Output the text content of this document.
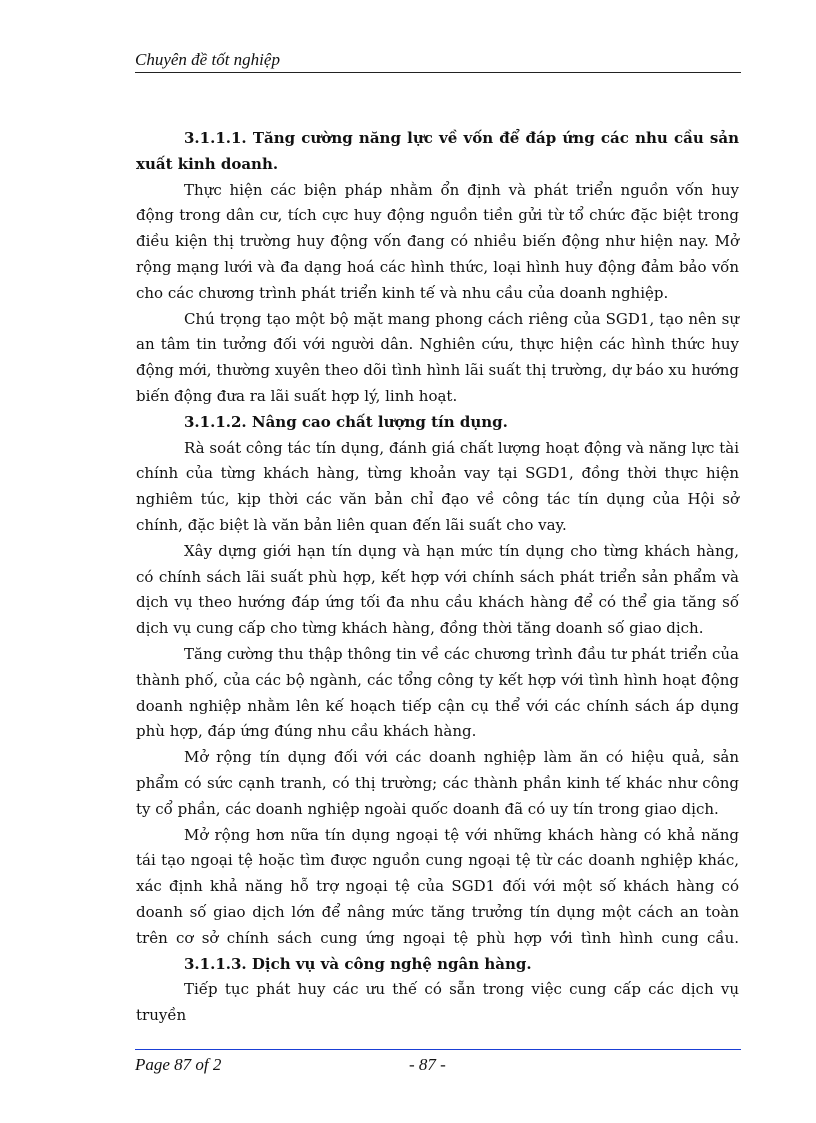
Chuyên đề tốt nghiệp

3.1.1.1. Tăng cường năng lực về vốn để đáp ứng các nhu cầu sản xuất kinh doanh.

Thực hiện các biện pháp nhằm ổn định và phát triển nguồn vốn huy động trong dân cư, tích cực huy động nguồn tiền gửi từ tổ chức đặc biệt trong điều kiện thị trường huy động vốn đang có nhiều biến động như hiện nay. Mở rộng mạng lưới và đa dạng hoá các hình thức, loại hình huy động đảm bảo vốn cho các chương trình phát triển kinh tế và nhu cầu của doanh nghiệp.

Chú trọng tạo một bộ mặt mang phong cách riêng của SGD1, tạo nên sự an tâm tin tưởng đối với người dân. Nghiên cứu, thực hiện các hình thức huy động mới, thường xuyên theo dõi tình hình lãi suất thị trường, dự báo xu hướng biến động đưa ra lãi suất hợp lý, linh hoạt.

3.1.1.2. Nâng cao chất lượng tín dụng.

Rà soát công tác tín dụng, đánh giá chất lượng hoạt động và năng lực tài chính của từng khách hàng, từng khoản vay tại SGD1, đồng thời thực hiện nghiêm túc, kịp thời các văn bản chỉ đạo về công tác tín dụng của Hội sở chính, đặc biệt là văn bản liên quan đến lãi suất cho vay.

Xây dựng giới hạn tín dụng và hạn mức tín dụng cho từng khách hàng, có chính sách lãi suất phù hợp, kết hợp với chính sách phát triển sản phẩm và dịch vụ theo hướng đáp ứng tối đa nhu cầu khách hàng để có thể gia tăng số dịch vụ cung cấp cho từng khách hàng, đồng thời tăng doanh số giao dịch.

Tăng cường thu thập thông tin về các chương trình đầu tư phát triển của thành phố, của các bộ ngành, các tổng công ty kết hợp với tình hình hoạt động doanh nghiệp nhằm lên kế hoạch tiếp cận cụ thể với các chính sách áp dụng phù hợp, đáp ứng đúng nhu cầu khách hàng.

Mở rộng tín dụng đối với các doanh nghiệp làm ăn có hiệu quả, sản phẩm có sức cạnh tranh, có thị trường; các thành phần kinh tế khác như công ty cổ phần, các doanh nghiệp ngoài quốc doanh đã có uy tín trong giao dịch.

Mở rộng hơn nữa tín dụng ngoại tệ với những khách hàng có khả năng tái tạo ngoại tệ hoặc tìm được nguồn cung ngoại tệ từ các doanh nghiệp khác, xác định khả năng hỗ trợ ngoại tệ của SGD1 đối với một số khách hàng có doanh số giao dịch lớn để nâng mức tăng trưởng tín dụng một cách an toàn trên cơ sở chính sách cung ứng ngoại tệ phù hợp vớ́i tình hình cung cầu.

3.1.1.3. Dịch vụ và công nghệ ngân hàng.

Tiếp tục phát huy các ưu thế có sẵn trong việc cung cấp các dịch vụ truyền

Page 87 of 2	- 87 -
